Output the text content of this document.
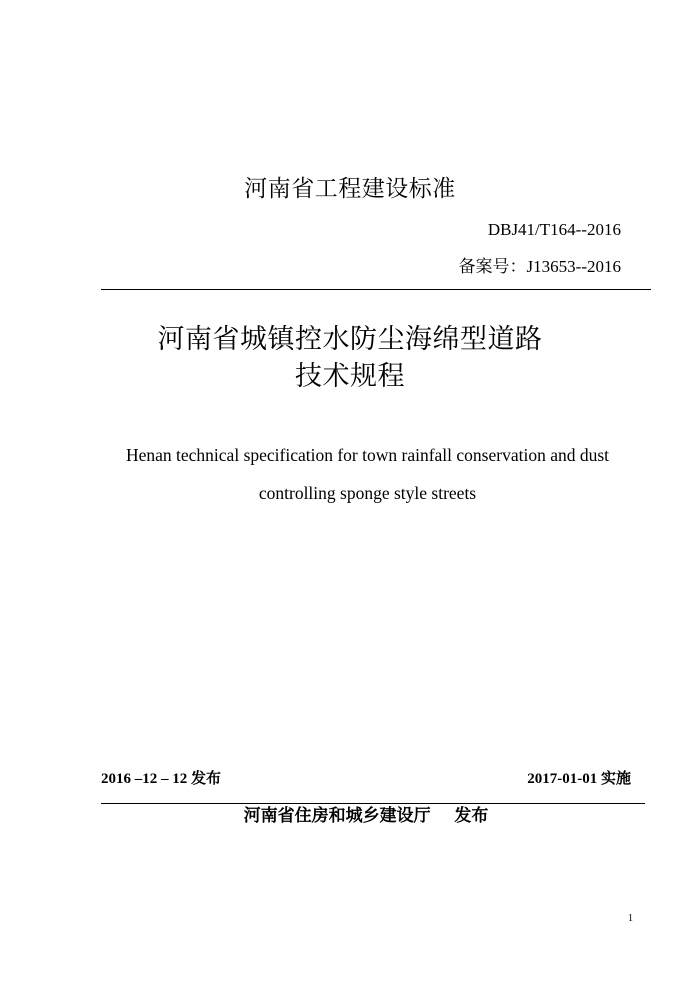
河南省工程建设标准
DBJ41/T164--2016
备案号：J13653--2016
河南省城镇控水防尘海绵型道路
技术规程
Henan technical specification for town rainfall conservation and dust controlling sponge style streets
2016 –12 – 12 发布	2017-01-01 实施
河南省住房和城乡建设厅    发布
1
